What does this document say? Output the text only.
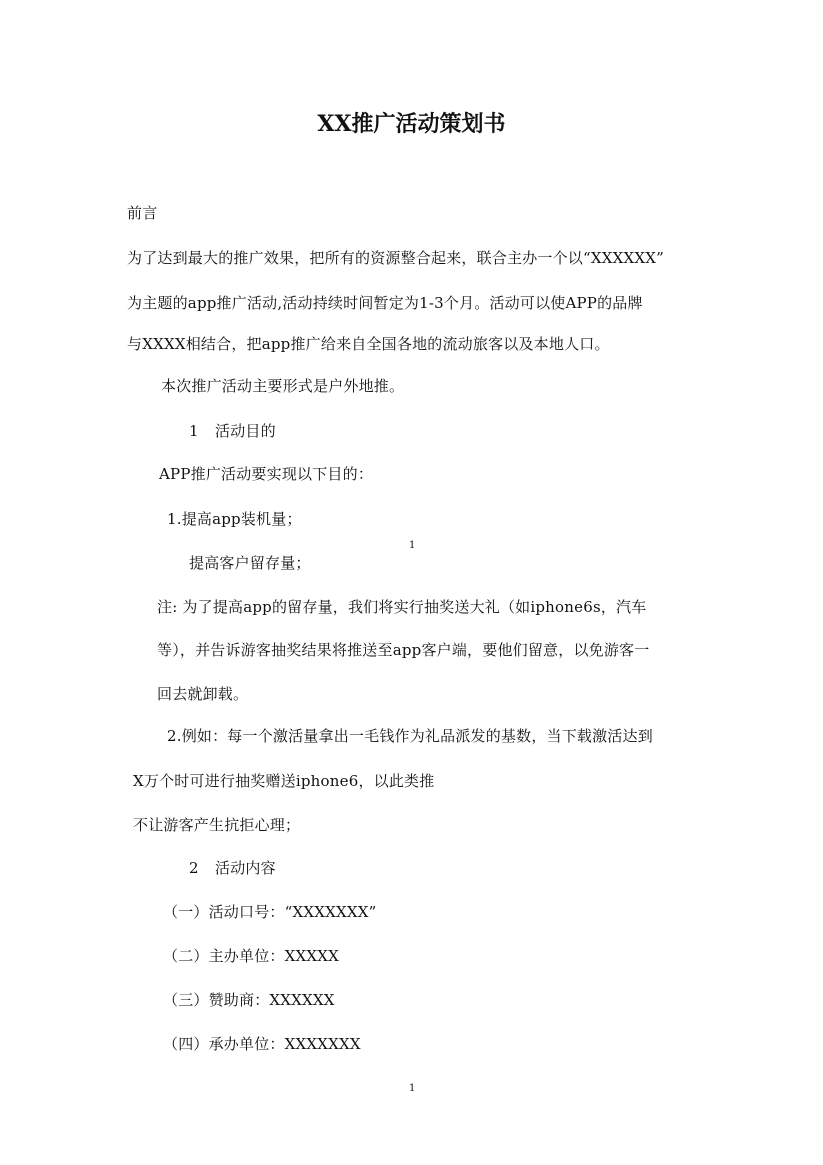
XX推广活动策划书
前言
为了达到最大的推广效果，把所有的资源整合起来，联合主办一个以“XXXXXX”
为主题的app推广活动,活动持续时间暂定为1-3个月。活动可以使APP的品牌
与XXXX相结合，把app推广给来自全国各地的流动旅客以及本地人口。
本次推广活动主要形式是户外地推。
1 活动目的
APP推广活动要实现以下目的：
1.提高app装机量；
1
提高客户留存量；
注: 为了提高app的留存量，我们将实行抽奖送大礼（如iphone6s，汽车
等），并告诉游客抽奖结果将推送至app客户端，要他们留意，以免游客一
回去就卸载。
2.例如：每一个激活量拿出一毛钱作为礼品派发的基数，当下载激活达到
X万个时可进行抽奖赠送iphone6，以此类推
不让游客产生抗拒心理；
2 活动内容
（一）活动口号：“XXXXXXX”
（二）主办单位：XXXXX
（三）赞助商：XXXXXX
（四）承办单位：XXXXXXX
1
